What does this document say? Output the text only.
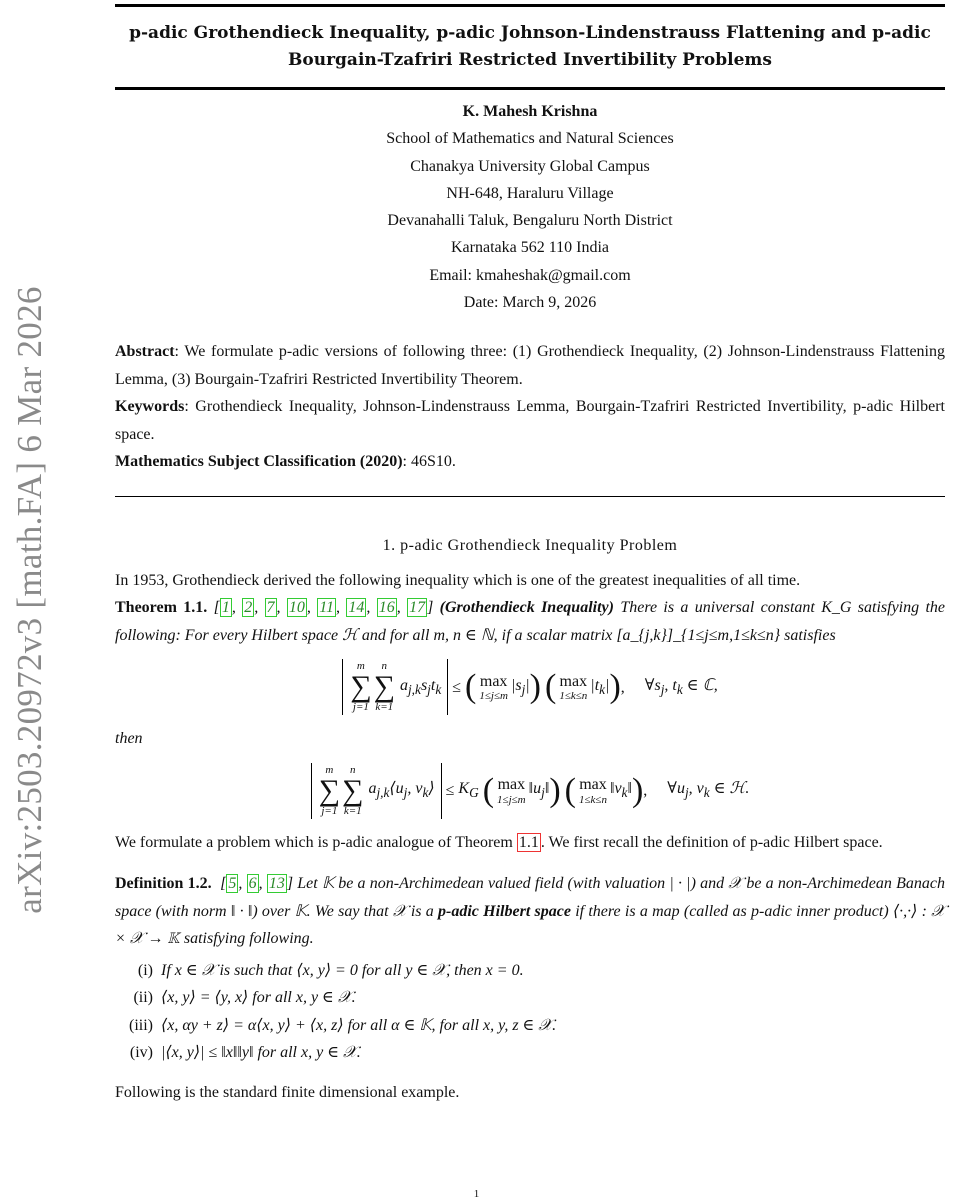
arXiv:2503.20972v3 [math.FA] 6 Mar 2026
p-adic Grothendieck Inequality, p-adic Johnson-Lindenstrauss Flattening and p-adic
Bourgain-Tzafriri Restricted Invertibility Problems
K. Mahesh Krishna
School of Mathematics and Natural Sciences
Chanakya University Global Campus
NH-648, Haraluru Village
Devanahalli Taluk, Bengaluru North District
Karnataka 562 110 India
Email: kmaheshak@gmail.com
Date: March 9, 2026

Abstract: We formulate p-adic versions of following three: (1) Grothendieck Inequality, (2) Johnson-Lindenstrauss Flattening Lemma, (3) Bourgain-Tzafriri Restricted Invertibility Theorem.

Keywords: Grothendieck Inequality, Johnson-Lindenstrauss Lemma, Bourgain-Tzafriri Restricted Invertibility, p-adic Hilbert space.

Mathematics Subject Classification (2020): 46S10.

1. p-adic Grothendieck Inequality Problem

In 1953, Grothendieck derived the following inequality which is one of the greatest inequalities of all time.

Theorem 1.1. [ 1 , 2 , 7 , 10 , 11 , 14 , 16 , 17 ] (Grothendieck Inequality) There is a universal constant K_G satisfying the following: For every Hilbert space ℋ and for all m, n ∈ ℕ, if a scalar matrix [a_{j,k}]_{1≤j≤m,1≤k≤n} satisfies

m
∑
j=1
n
∑
k=1
$a_{j,k}s_jt_k$ ≤ ( max
1≤j≤m
$|s_j|$ )
( max
1≤k≤n
$|t_k|$ ) , $\forall s_j$, $t_k$ ∈ ℂ,

then

m
∑
j=1
n
∑
k=1
$a_{j,k}⟨u_j$, $v_k⟩ \le K_G$
( max
1≤j≤m
$‖u_j‖$ )
( max
1≤k≤n
$‖v_k‖$ ) , $\forall u_j$, $v_k$ ∈ ℋ.

We formulate a problem which is p-adic analogue of Theorem 1.1 . We first recall the definition of p-adic Hilbert space.

Definition 1.2.  [ 5 , 6 , 13 ] Let 𝕂 be a non-Archimedean valued field (with valuation | · |) and 𝒳 be a non-Archimedean Banach space (with norm ‖ · ‖) over 𝕂. We say that 𝒳 is a p-adic Hilbert space if there is a map (called as p-adic inner product) ⟨·,·⟩ : 𝒳 × 𝒳 → 𝕂 satisfying following.

(i) If x ∈ 𝒳 is such that ⟨x, y⟩ = 0 for all y ∈ 𝒳, then x = 0.
(ii) ⟨x, y⟩ = ⟨y, x⟩ for all x, y ∈ 𝒳.
(iii) ⟨x, αy + z⟩ = α⟨x, y⟩ + ⟨x, z⟩ for all α ∈ 𝕂, for all x, y, z ∈ 𝒳.
(iv) |⟨x, y⟩| ≤ ‖x‖‖y‖ for all x, y ∈ 𝒳.

Following is the standard finite dimensional example.

1
